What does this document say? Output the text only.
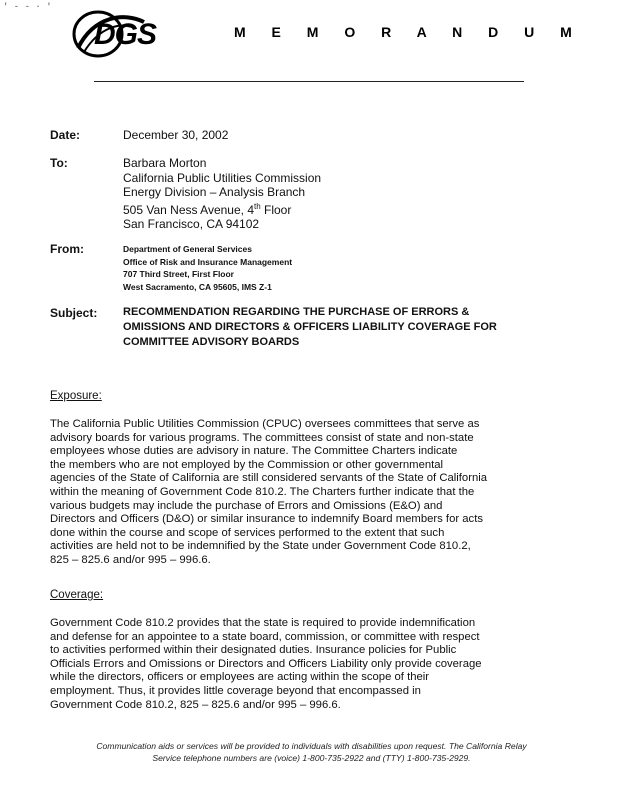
' - - · '
DGS	M E M O R A N D U M
Date:	December 30, 2002
To:	Barbara Morton
California Public Utilities Commission
Energy Division – Analysis Branch
505 Van Ness Avenue, 4th Floor
San Francisco, CA 94102
From:	Department of General Services
Office of Risk and Insurance Management
707 Third Street, First Floor
West Sacramento, CA 95605, IMS Z-1
Subject: RECOMMENDATION REGARDING THE PURCHASE OF ERRORS & OMISSIONS AND DIRECTORS & OFFICERS LIABILITY COVERAGE FOR COMMITTEE ADVISORY BOARDS
Exposure:
The California Public Utilities Commission (CPUC) oversees committees that serve as
advisory boards for various programs. The committees consist of state and non-state
employees whose duties are advisory in nature. The Committee Charters indicate
the members who are not employed by the Commission or other governmental
agencies of the State of California are still considered servants of the State of California
within the meaning of Government Code 810.2. The Charters further indicate that the
various budgets may include the purchase of Errors and Omissions (E&O) and
Directors and Officers (D&O) or similar insurance to indemnify Board members for acts
done within the course and scope of services performed to the extent that such
activities are held not to be indemnified by the State under Government Code 810.2,
825 – 825.6 and/or 995 – 996.6.
Coverage:
Government Code 810.2 provides that the state is required to provide indemnification
and defense for an appointee to a state board, commission, or committee with respect
to activities performed within their designated duties. Insurance policies for Public
Officials Errors and Omissions or Directors and Officers Liability only provide coverage
while the directors, officers or employees are acting within the scope of their
employment. Thus, it provides little coverage beyond that encompassed in
Government Code 810.2, 825 – 825.6 and/or 995 – 996.6.
Communication aids or services will be provided to individuals with disabilities upon request. The California Relay
Service telephone numbers are (voice) 1-800-735-2922 and (TTY) 1-800-735-2929.
